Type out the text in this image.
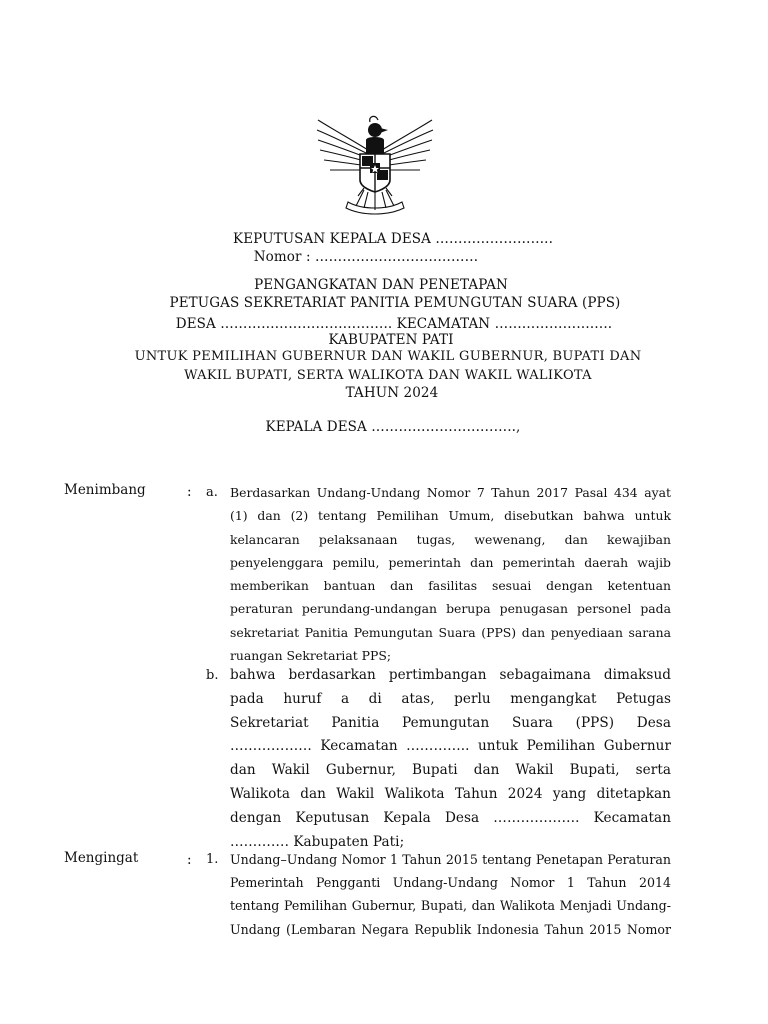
KEPUTUSAN KEPALA DESA ……………………..
Nomor : ………………………………
PENGANGKATAN DAN PENETAPAN
PETUGAS SEKRETARIAT PANITIA PEMUNGUTAN SUARA (PPS)
DESA ……………………………….. KECAMATAN ……………………..
KABUPATEN PATI
UNTUK PEMILIHAN GUBERNUR DAN WAKIL GUBERNUR, BUPATI DAN
WAKIL BUPATI, SERTA WALIKOTA DAN WAKIL WALIKOTA
TAHUN 2024
KEPALA DESA …………………………..,
Menimbang	: a. Berdasarkan Undang-Undang Nomor 7 Tahun 2017 Pasal 434 ayat
(1) dan (2) tentang Pemilihan Umum, disebutkan bahwa untuk
kelancaran pelaksanaan tugas, wewenang, dan kewajiban
penyelenggara pemilu, pemerintah dan pemerintah daerah wajib
memberikan bantuan dan fasilitas sesuai dengan ketentuan
peraturan perundang-undangan berupa penugasan personel pada
sekretariat Panitia Pemungutan Suara (PPS) dan penyediaan sarana
ruangan Sekretariat PPS;
b. bahwa berdasarkan pertimbangan sebagaimana dimaksud
pada huruf a di atas, perlu mengangkat Petugas
Sekretariat Panitia Pemungutan Suara (PPS) Desa
……………… Kecamatan ………….. untuk Pemilihan Gubernur
dan Wakil Gubernur, Bupati dan Wakil Bupati, serta
Walikota dan Wakil Walikota Tahun 2024 yang ditetapkan
dengan Keputusan Kepala Desa ………………. Kecamatan
…………. Kabupaten Pati;
Mengingat	: 1. Undang–Undang Nomor 1 Tahun 2015 tentang Penetapan Peraturan
Pemerintah Pengganti Undang-Undang Nomor 1 Tahun 2014
tentang Pemilihan Gubernur, Bupati, dan Walikota Menjadi Undang-
Undang (Lembaran Negara Republik Indonesia Tahun 2015 Nomor
